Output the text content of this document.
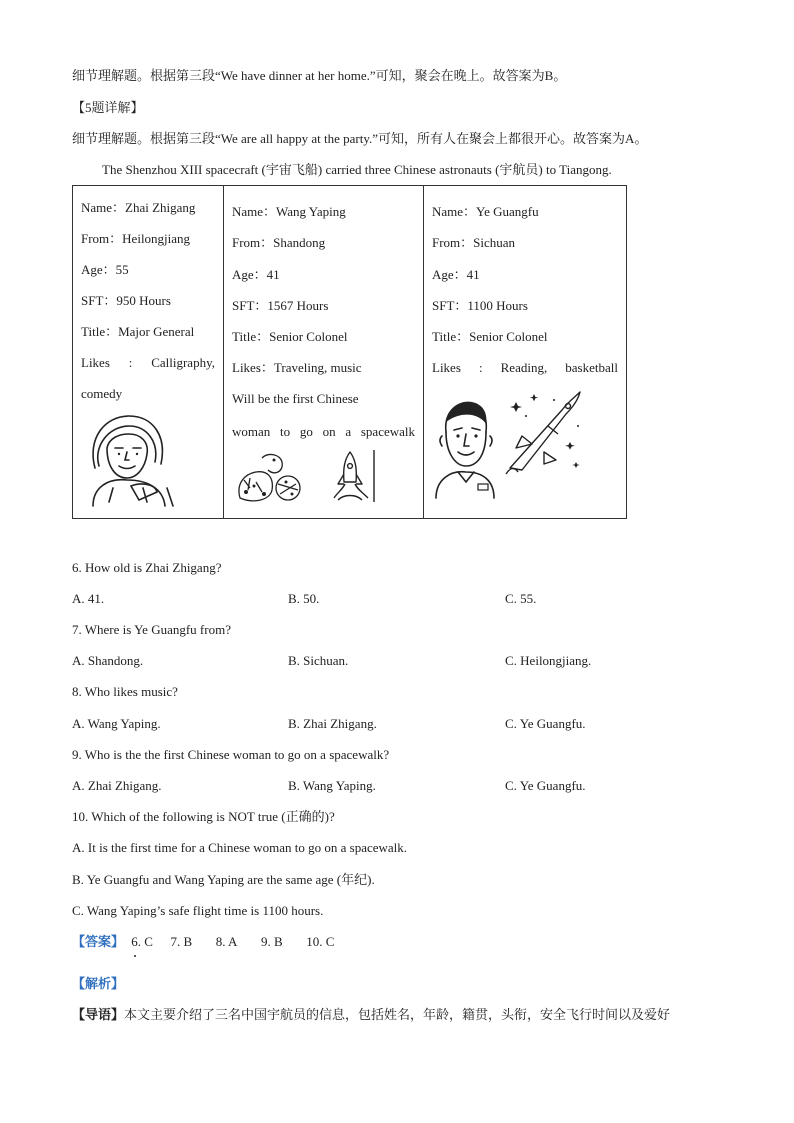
细节理解题。根据第三段“We have dinner at her home.”可知，聚会在晚上。故答案为B。
【5题详解】
细节理解题。根据第三段“We are all happy at the party.”可知，所有人在聚会上都很开心。故答案为A。
The Shenzhou XIII spacecraft (宇宙飞船) carried three Chinese astronauts (宇航员) to Tiangong.
Name：Zhai Zhigang
From：Heilongjiang
Age：55
SFT：950 Hours
Title：Major General
Likes : Calligraphy,
comedy

Name：Wang Yaping
From：Shandong
Age：41
SFT：1567 Hours
Title：Senior Colonel
Likes：Traveling, music
Will be the first Chinese
woman to go on a spacewalk

Name：Ye Guangfu
From：Sichuan
Age：41
SFT：1100 Hours
Title：Senior Colonel
Likes : Reading, basketball
6. How old is Zhai Zhigang?
A. 41.	B. 50.	C. 55.
7. Where is Ye Guangfu from?
A. Shandong.	B. Sichuan.	C. Heilongjiang.
8. Who likes music?
A. Wang Yaping.	B. Zhai Zhigang.	C. Ye Guangfu.
9. Who is the the first Chinese woman to go on a spacewalk?
A. Zhai Zhigang.	B. Wang Yaping.	C. Ye Guangfu.
10. Which of the following is NOT true (正确的)?
A. It is the first time for a Chinese woman to go on a spacewalk.
B. Ye Guangfu and Wang Yaping are the same age (年纪).
C. Wang Yaping’s safe flight time is 1100 hours.
【答案】 6. C 7. B 8. A 9. B 10. C
【解析】
【导语】本文主要介绍了三名中国宇航员的信息，包括姓名，年龄，籍贯，头衔，安全飞行时间以及爱好
